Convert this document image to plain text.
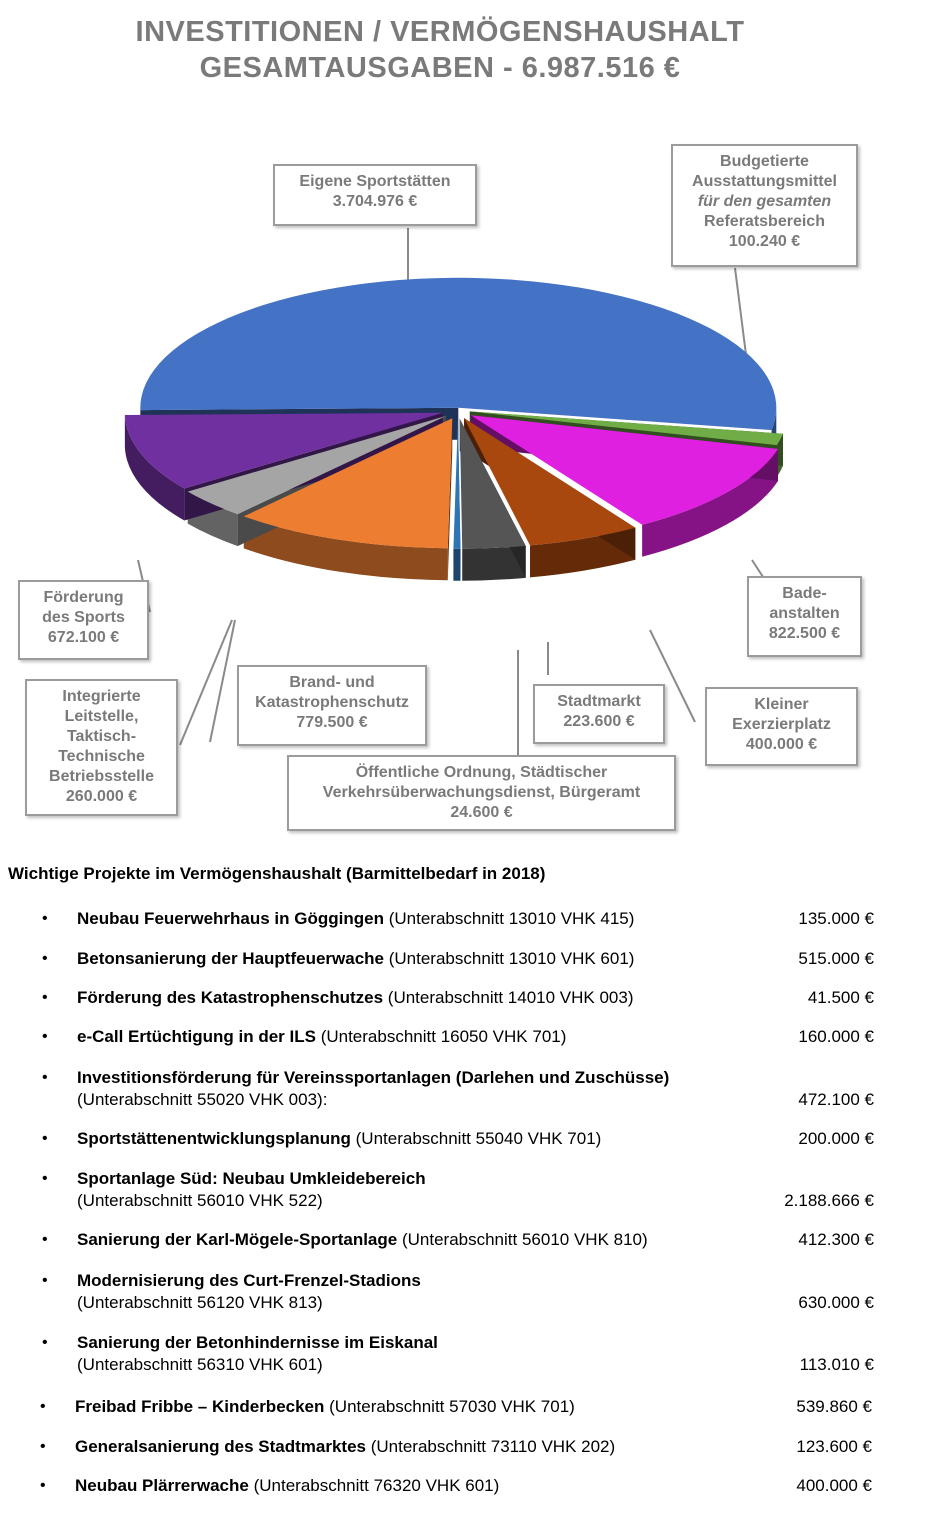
INVESTITIONEN / VERMÖGENSHAUSHALT
GESAMTAUSGABEN - 6.987.516 €
Eigene Sportstätten
3.704.976 €
Budgetierte
Ausstattungsmittel
für den gesamten
Referatsbereich
100.240 €
Bade-
anstalten
822.500 €
Kleiner
Exerzierplatz
400.000 €
Stadtmarkt
223.600 €
Öffentliche Ordnung, Städtischer
Verkehrsüberwachungsdienst, Bürgeramt
24.600 €
Brand- und
Katastrophenschutz
779.500 €
Integrierte
Leitstelle,
Taktisch-
Technische
Betriebsstelle
260.000 €
Förderung
des Sports
672.100 €
Wichtige Projekte im Vermögenshaushalt (Barmittelbedarf in 2018)
• Neubau Feuerwehrhaus in Göggingen (Unterabschnitt 13010 VHK 415)	135.000 €
• Betonsanierung der Hauptfeuerwache (Unterabschnitt 13010 VHK 601)	515.000 €
• Förderung des Katastrophenschutzes (Unterabschnitt 14010 VHK 003)	41.500 €
• e-Call Ertüchtigung in der ILS (Unterabschnitt 16050 VHK 701)	160.000 €
• Investitionsförderung für Vereinssportanlagen (Darlehen und Zuschüsse)
(Unterabschnitt 55020 VHK 003):	472.100 €
• Sportstättenentwicklungsplanung (Unterabschnitt 55040 VHK 701)	200.000 €
• Sportanlage Süd: Neubau Umkleidebereich
(Unterabschnitt 56010 VHK 522)	2.188.666 €
• Sanierung der Karl-Mögele-Sportanlage (Unterabschnitt 56010 VHK 810)	412.300 €
• Modernisierung des Curt-Frenzel-Stadions
(Unterabschnitt 56120 VHK 813)	630.000 €
• Sanierung der Betonhindernisse im Eiskanal
(Unterabschnitt 56310 VHK 601)	113.010 €
• Freibad Fribbe – Kinderbecken (Unterabschnitt 57030 VHK 701)	539.860 €
• Generalsanierung des Stadtmarktes (Unterabschnitt 73110 VHK 202)	123.600 €
• Neubau Plärrerwache (Unterabschnitt 76320 VHK 601)	400.000 €
